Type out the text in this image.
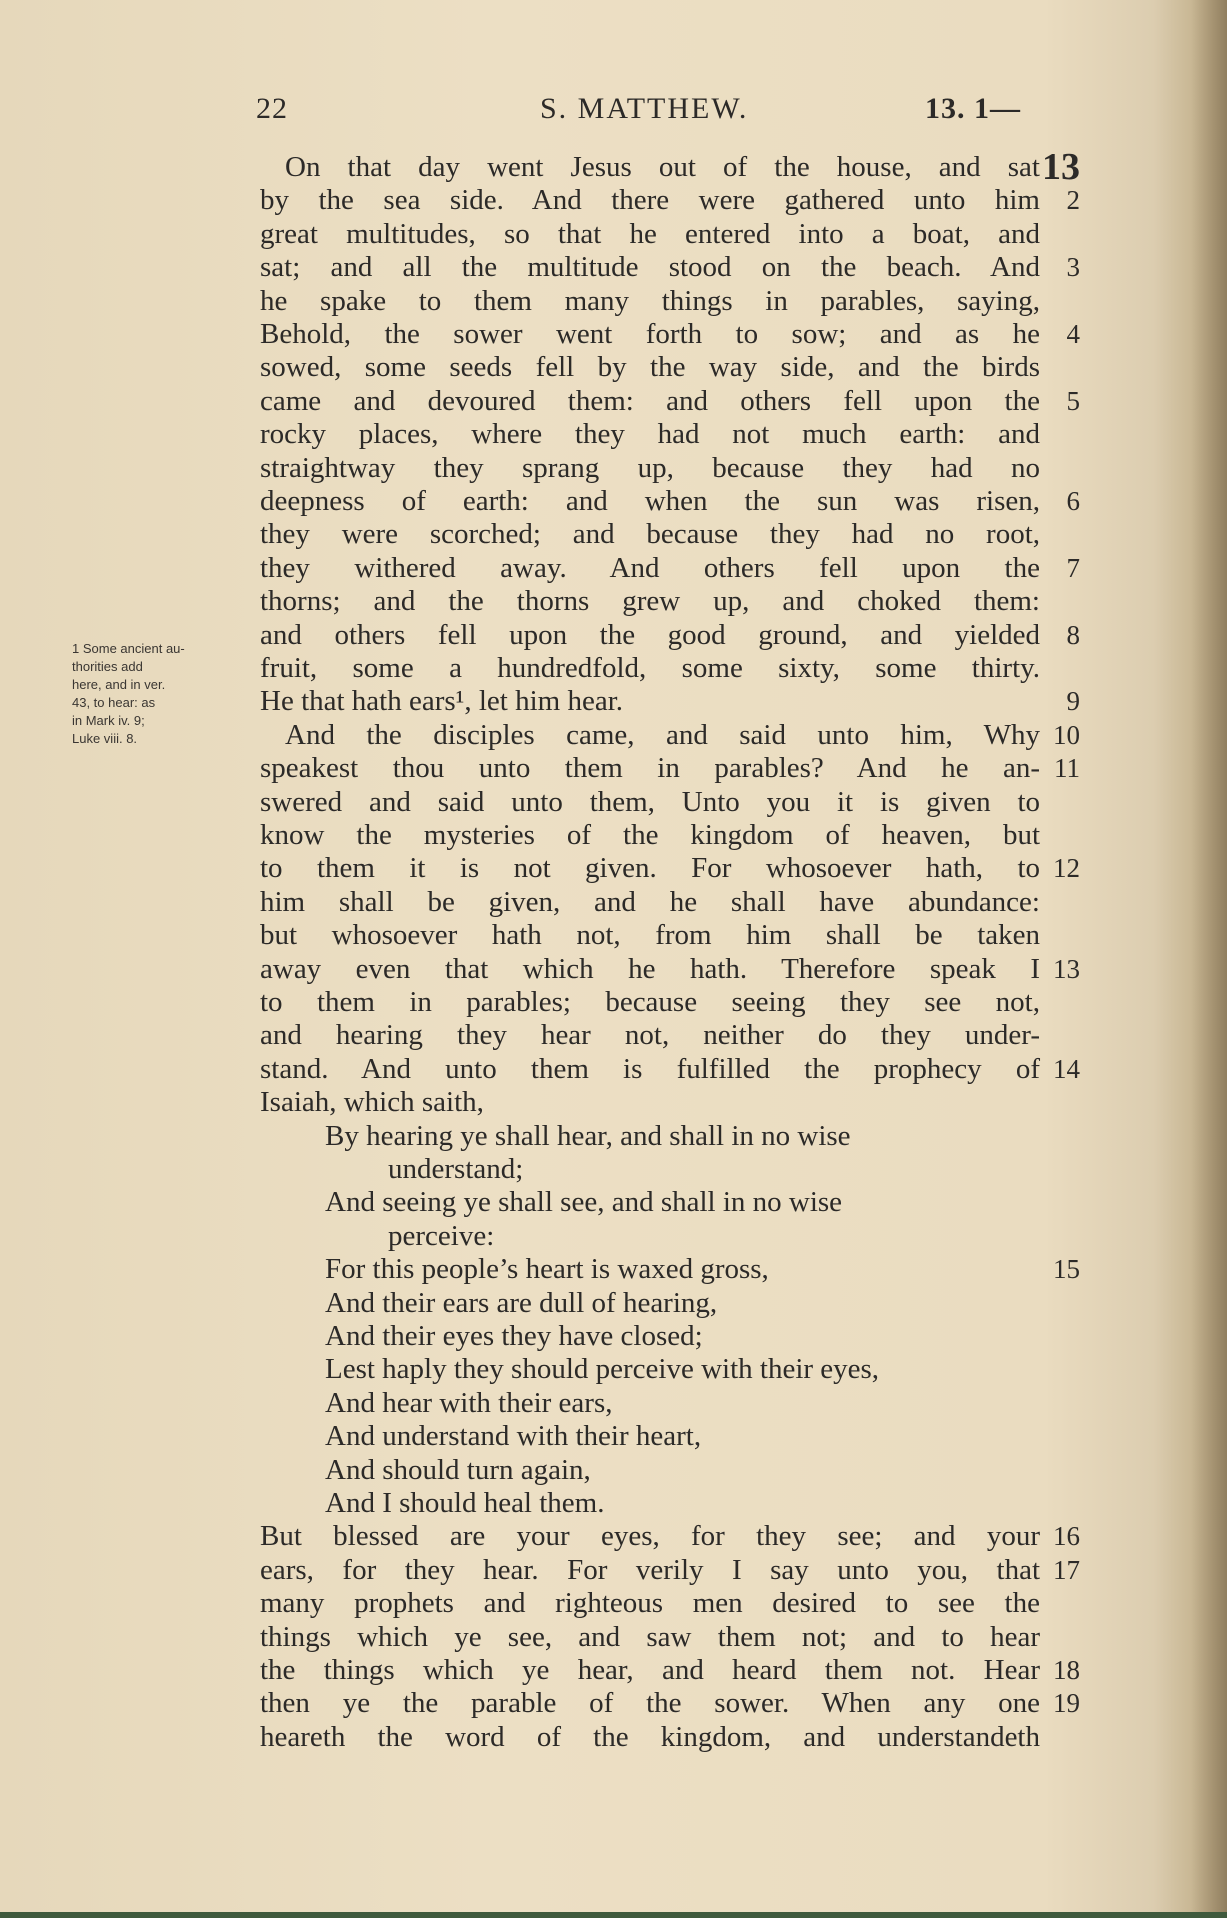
22	S. MATTHEW.	13. 1—
1 Some ancient au-
thorities add
here, and in ver.
43, to hear: as
in Mark iv. 9;
Luke viii. 8.
On that day went Jesus out of the house, and sat 13
by the sea side. And there were gathered unto him 2
great multitudes, so that he entered into a boat, and
sat; and all the multitude stood on the beach. And 3
he spake to them many things in parables, saying,
Behold, the sower went forth to sow; and as he 4
sowed, some seeds fell by the way side, and the birds
came and devoured them: and others fell upon the 5
rocky places, where they had not much earth: and
straightway they sprang up, because they had no
deepness of earth: and when the sun was risen, 6
they were scorched; and because they had no root,
they withered away. And others fell upon the 7
thorns; and the thorns grew up, and choked them:
and others fell upon the good ground, and yielded 8
fruit, some a hundredfold, some sixty, some thirty.
He that hath ears¹, let him hear.	9
And the disciples came, and said unto him, Why 10
speakest thou unto them in parables? And he an- 11
swered and said unto them, Unto you it is given to
know the mysteries of the kingdom of heaven, but
to them it is not given. For whosoever hath, to 12
him shall be given, and he shall have abundance:
but whosoever hath not, from him shall be taken
away even that which he hath. Therefore speak I 13
to them in parables; because seeing they see not,
and hearing they hear not, neither do they under-
stand. And unto them is fulfilled the prophecy of 14
Isaiah, which saith,
By hearing ye shall hear, and shall in no wise
understand;
And seeing ye shall see, and shall in no wise
perceive:
For this people’s heart is waxed gross,	15
And their ears are dull of hearing,
And their eyes they have closed;
Lest haply they should perceive with their eyes,
And hear with their ears,
And understand with their heart,
And should turn again,
And I should heal them.
But blessed are your eyes, for they see; and your 16
ears, for they hear. For verily I say unto you, that 17
many prophets and righteous men desired to see the
things which ye see, and saw them not; and to hear
the things which ye hear, and heard them not. Hear 18
then ye the parable of the sower. When any one 19
heareth the word of the kingdom, and understandeth
